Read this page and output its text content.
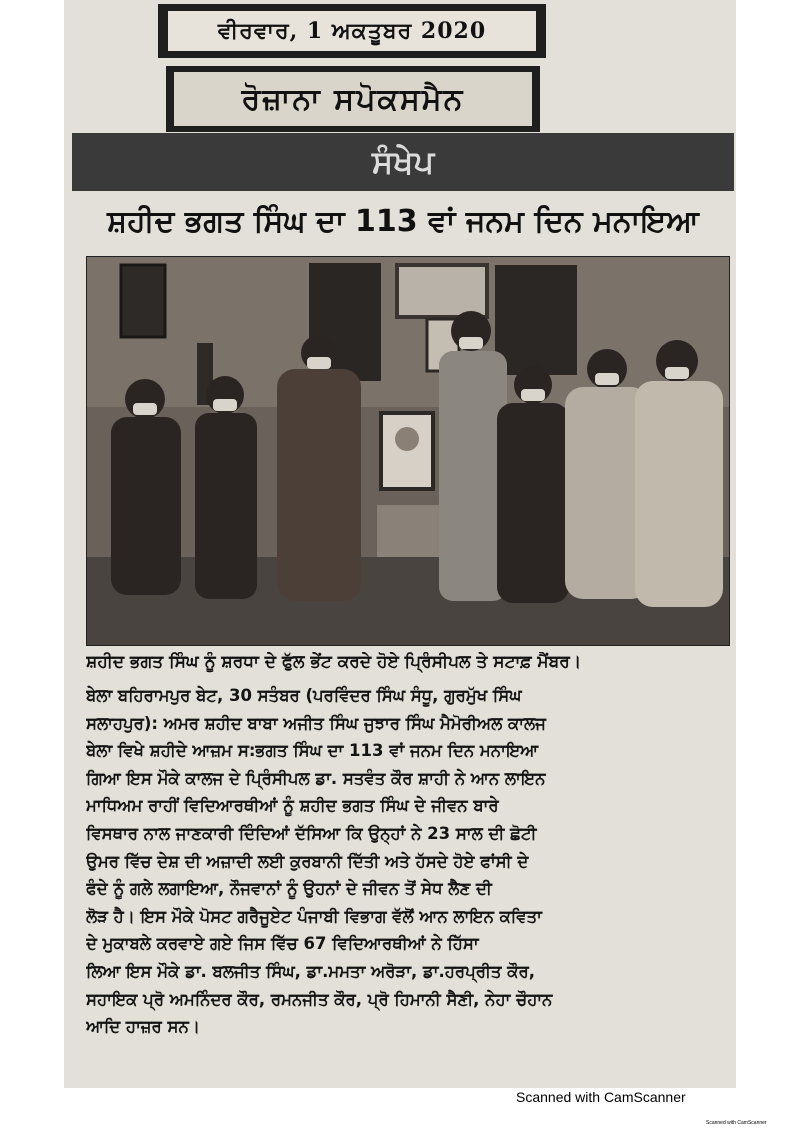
ਵੀਰਵਾਰ, 1 ਅਕਤੂਬਰ 2020
ਰੋਜ਼ਾਨਾ ਸਪੋਕਸਮੈਨ
ਸੰਖੇਪ
ਸ਼ਹੀਦ ਭਗਤ ਸਿੰਘ ਦਾ 113 ਵਾਂ ਜਨਮ ਦਿਨ ਮਨਾਇਆ
ਸ਼ਹੀਦ ਭਗਤ ਸਿੰਘ ਨੂੰ ਸ਼ਰਧਾ ਦੇ ਫੁੱਲ ਭੇਂਟ ਕਰਦੇ ਹੋਏ ਪ੍ਰਿੰਸੀਪਲ ਤੇ ਸਟਾਫ਼ ਮੈਂਬਰ।
ਬੇਲਾ ਬਹਿਰਾਮਪੁਰ ਬੇਟ, 30 ਸਤੰਬਰ (ਪਰਵਿੰਦਰ ਸਿੰਘ ਸੰਧੂ, ਗੁਰਮੁੱਖ ਸਿੰਘ
ਸਲਾਹਪੁਰ): ਅਮਰ ਸ਼ਹੀਦ ਬਾਬਾ ਅਜੀਤ ਸਿੰਘ ਜੁਝਾਰ ਸਿੰਘ ਮੈਮੋਰੀਅਲ ਕਾਲਜ
ਬੇਲਾ ਵਿਖੇ ਸ਼ਹੀਦੇ ਆਜ਼ਮ ਸ:ਭਗਤ ਸਿੰਘ ਦਾ 113 ਵਾਂ ਜਨਮ ਦਿਨ ਮਨਾਇਆ
ਗਿਆ ਇਸ ਮੌਕੇ ਕਾਲਜ ਦੇ ਪ੍ਰਿੰਸੀਪਲ ਡਾ. ਸਤਵੰਤ ਕੌਰ ਸ਼ਾਹੀ ਨੇ ਆਨ ਲਾਇਨ
ਮਾਧਿਅਮ ਰਾਹੀਂ ਵਿਦਿਆਰਥੀਆਂ ਨੂੰ ਸ਼ਹੀਦ ਭਗਤ ਸਿੰਘ ਦੇ ਜੀਵਨ ਬਾਰੇ
ਵਿਸਥਾਰ ਨਾਲ ਜਾਣਕਾਰੀ ਦਿੰਦਿਆਂ ਦੱਸਿਆ ਕਿ ਉਨ੍ਹਾਂ ਨੇ 23 ਸਾਲ ਦੀ ਛੋਟੀ
ਉਮਰ ਵਿੱਚ ਦੇਸ਼ ਦੀ ਅਜ਼ਾਦੀ ਲਈ ਕੁਰਬਾਨੀ ਦਿੱਤੀ ਅਤੇ ਹੱਸਦੇ ਹੋਏ ਫਾਂਸੀ ਦੇ
ਫੰਦੇ ਨੂੰ ਗਲੇ ਲਗਾਇਆ, ਨੌਜਵਾਨਾਂ ਨੂੰ ਉਹਨਾਂ ਦੇ ਜੀਵਨ ਤੋਂ ਸੇਧ ਲੈਣ ਦੀ
ਲੋੜ ਹੈ। ਇਸ ਮੌਕੇ ਪੋਸਟ ਗਰੈਜੂਏਟ ਪੰਜਾਬੀ ਵਿਭਾਗ ਵੱਲੋਂ ਆਨ ਲਾਇਨ ਕਵਿਤਾ
ਦੇ ਮੁਕਾਬਲੇ ਕਰਵਾਏ ਗਏ ਜਿਸ ਵਿੱਚ 67 ਵਿਦਿਆਰਥੀਆਂ ਨੇ ਹਿੱਸਾ
ਲਿਆ ਇਸ ਮੌਕੇ ਡਾ. ਬਲਜੀਤ ਸਿੰਘ, ਡਾ.ਮਮਤਾ ਅਰੋੜਾ, ਡਾ.ਹਰਪ੍ਰੀਤ ਕੌਰ,
ਸਹਾਇਕ ਪ੍ਰੋ ਅਮਨਿੰਦਰ ਕੌਰ, ਰਮਨਜੀਤ ਕੌਰ, ਪ੍ਰੋ ਹਿਮਾਨੀ ਸੈਣੀ, ਨੇਹਾ ਚੌਹਾਨ
ਆਦਿ ਹਾਜ਼ਰ ਸਨ।
Scanned with CamScanner
Scanned with CamScanner
